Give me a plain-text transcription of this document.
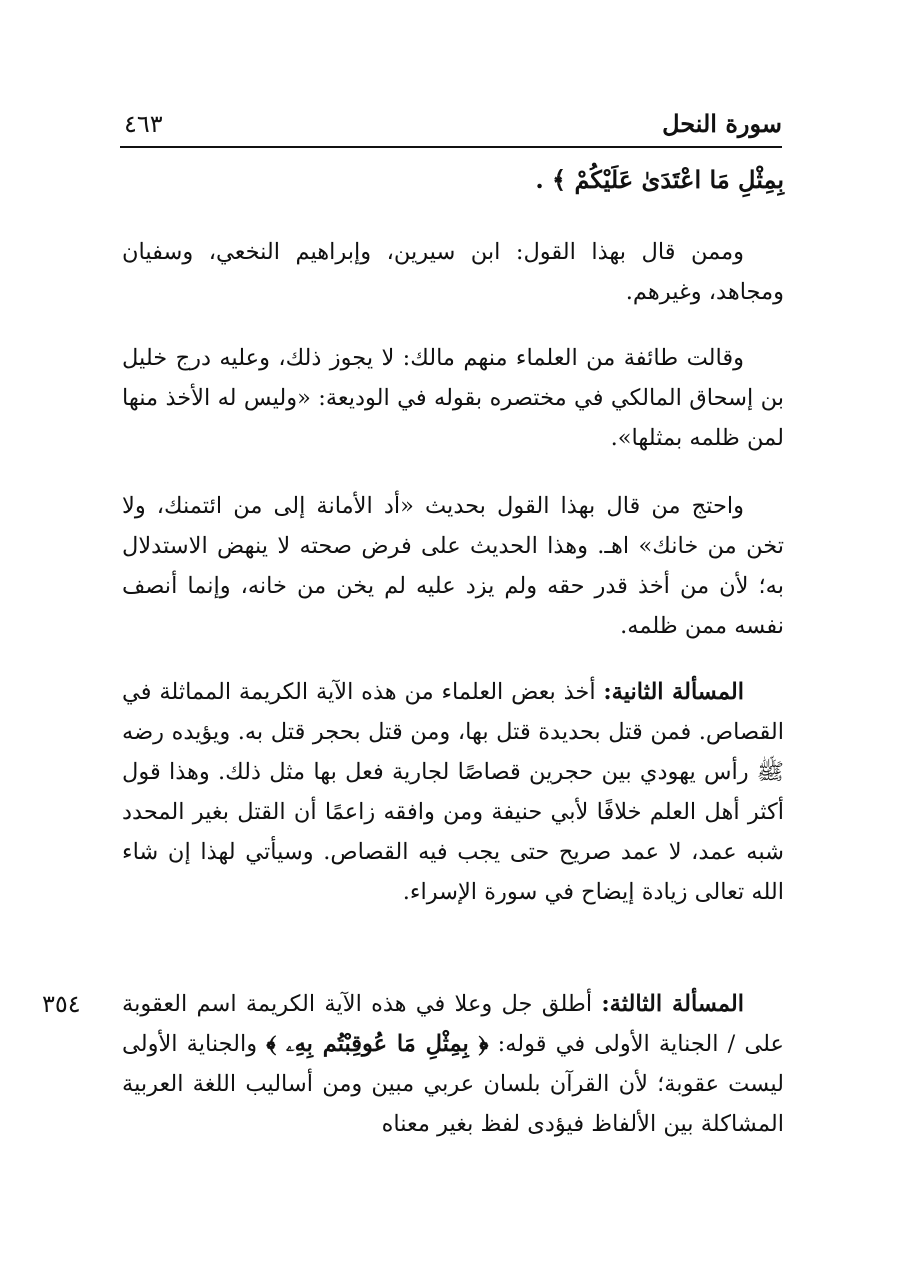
٤٦٣	سورة النحل
بِمِثْلِ مَا اعْتَدَىٰ عَلَيْكُمْ ﴾ .
وممن قال بهذا القول: ابن سيرين، وإبراهيم النخعي، وسفيان ومجاهد، وغيرهم.
وقالت طائفة من العلماء منهم مالك: لا يجوز ذلك، وعليه درج خليل بن إسحاق المالكي في مختصره بقوله في الوديعة: «وليس له الأخذ منها لمن ظلمه بمثلها».
واحتج من قال بهذا القول بحديث «أد الأمانة إلى من ائتمنك، ولا تخن من خانك» اهـ. وهذا الحديث على فرض صحته لا ينهض الاستدلال به؛ لأن من أخذ قدر حقه ولم يزد عليه لم يخن من خانه، وإنما أنصف نفسه ممن ظلمه.
المسألة الثانية: أخذ بعض العلماء من هذه الآية الكريمة المماثلة في القصاص. فمن قتل بحديدة قتل بها، ومن قتل بحجر قتل به. ويؤيده رضه ﷺ رأس يهودي بين حجرين قصاصًا لجارية فعل بها مثل ذلك. وهذا قول أكثر أهل العلم خلافًا لأبي حنيفة ومن وافقه زاعمًا أن القتل بغير المحدد شبه عمد، لا عمد صريح حتى يجب فيه القصاص. وسيأتي لهذا إن شاء الله تعالى زيادة إيضاح في سورة الإسراء.
المسألة الثالثة: أطلق جل وعلا في هذه الآية الكريمة اسم العقوبة على / الجناية الأولى في قوله: ﴿ بِمِثْلِ مَا عُوقِبْتُم بِهِۦ ﴾ والجناية الأولى ليست عقوبة؛ لأن القرآن بلسان عربي مبين ومن أساليب اللغة العربية المشاكلة بين الألفاظ فيؤدى لفظ بغير معناه
٣٥٤
